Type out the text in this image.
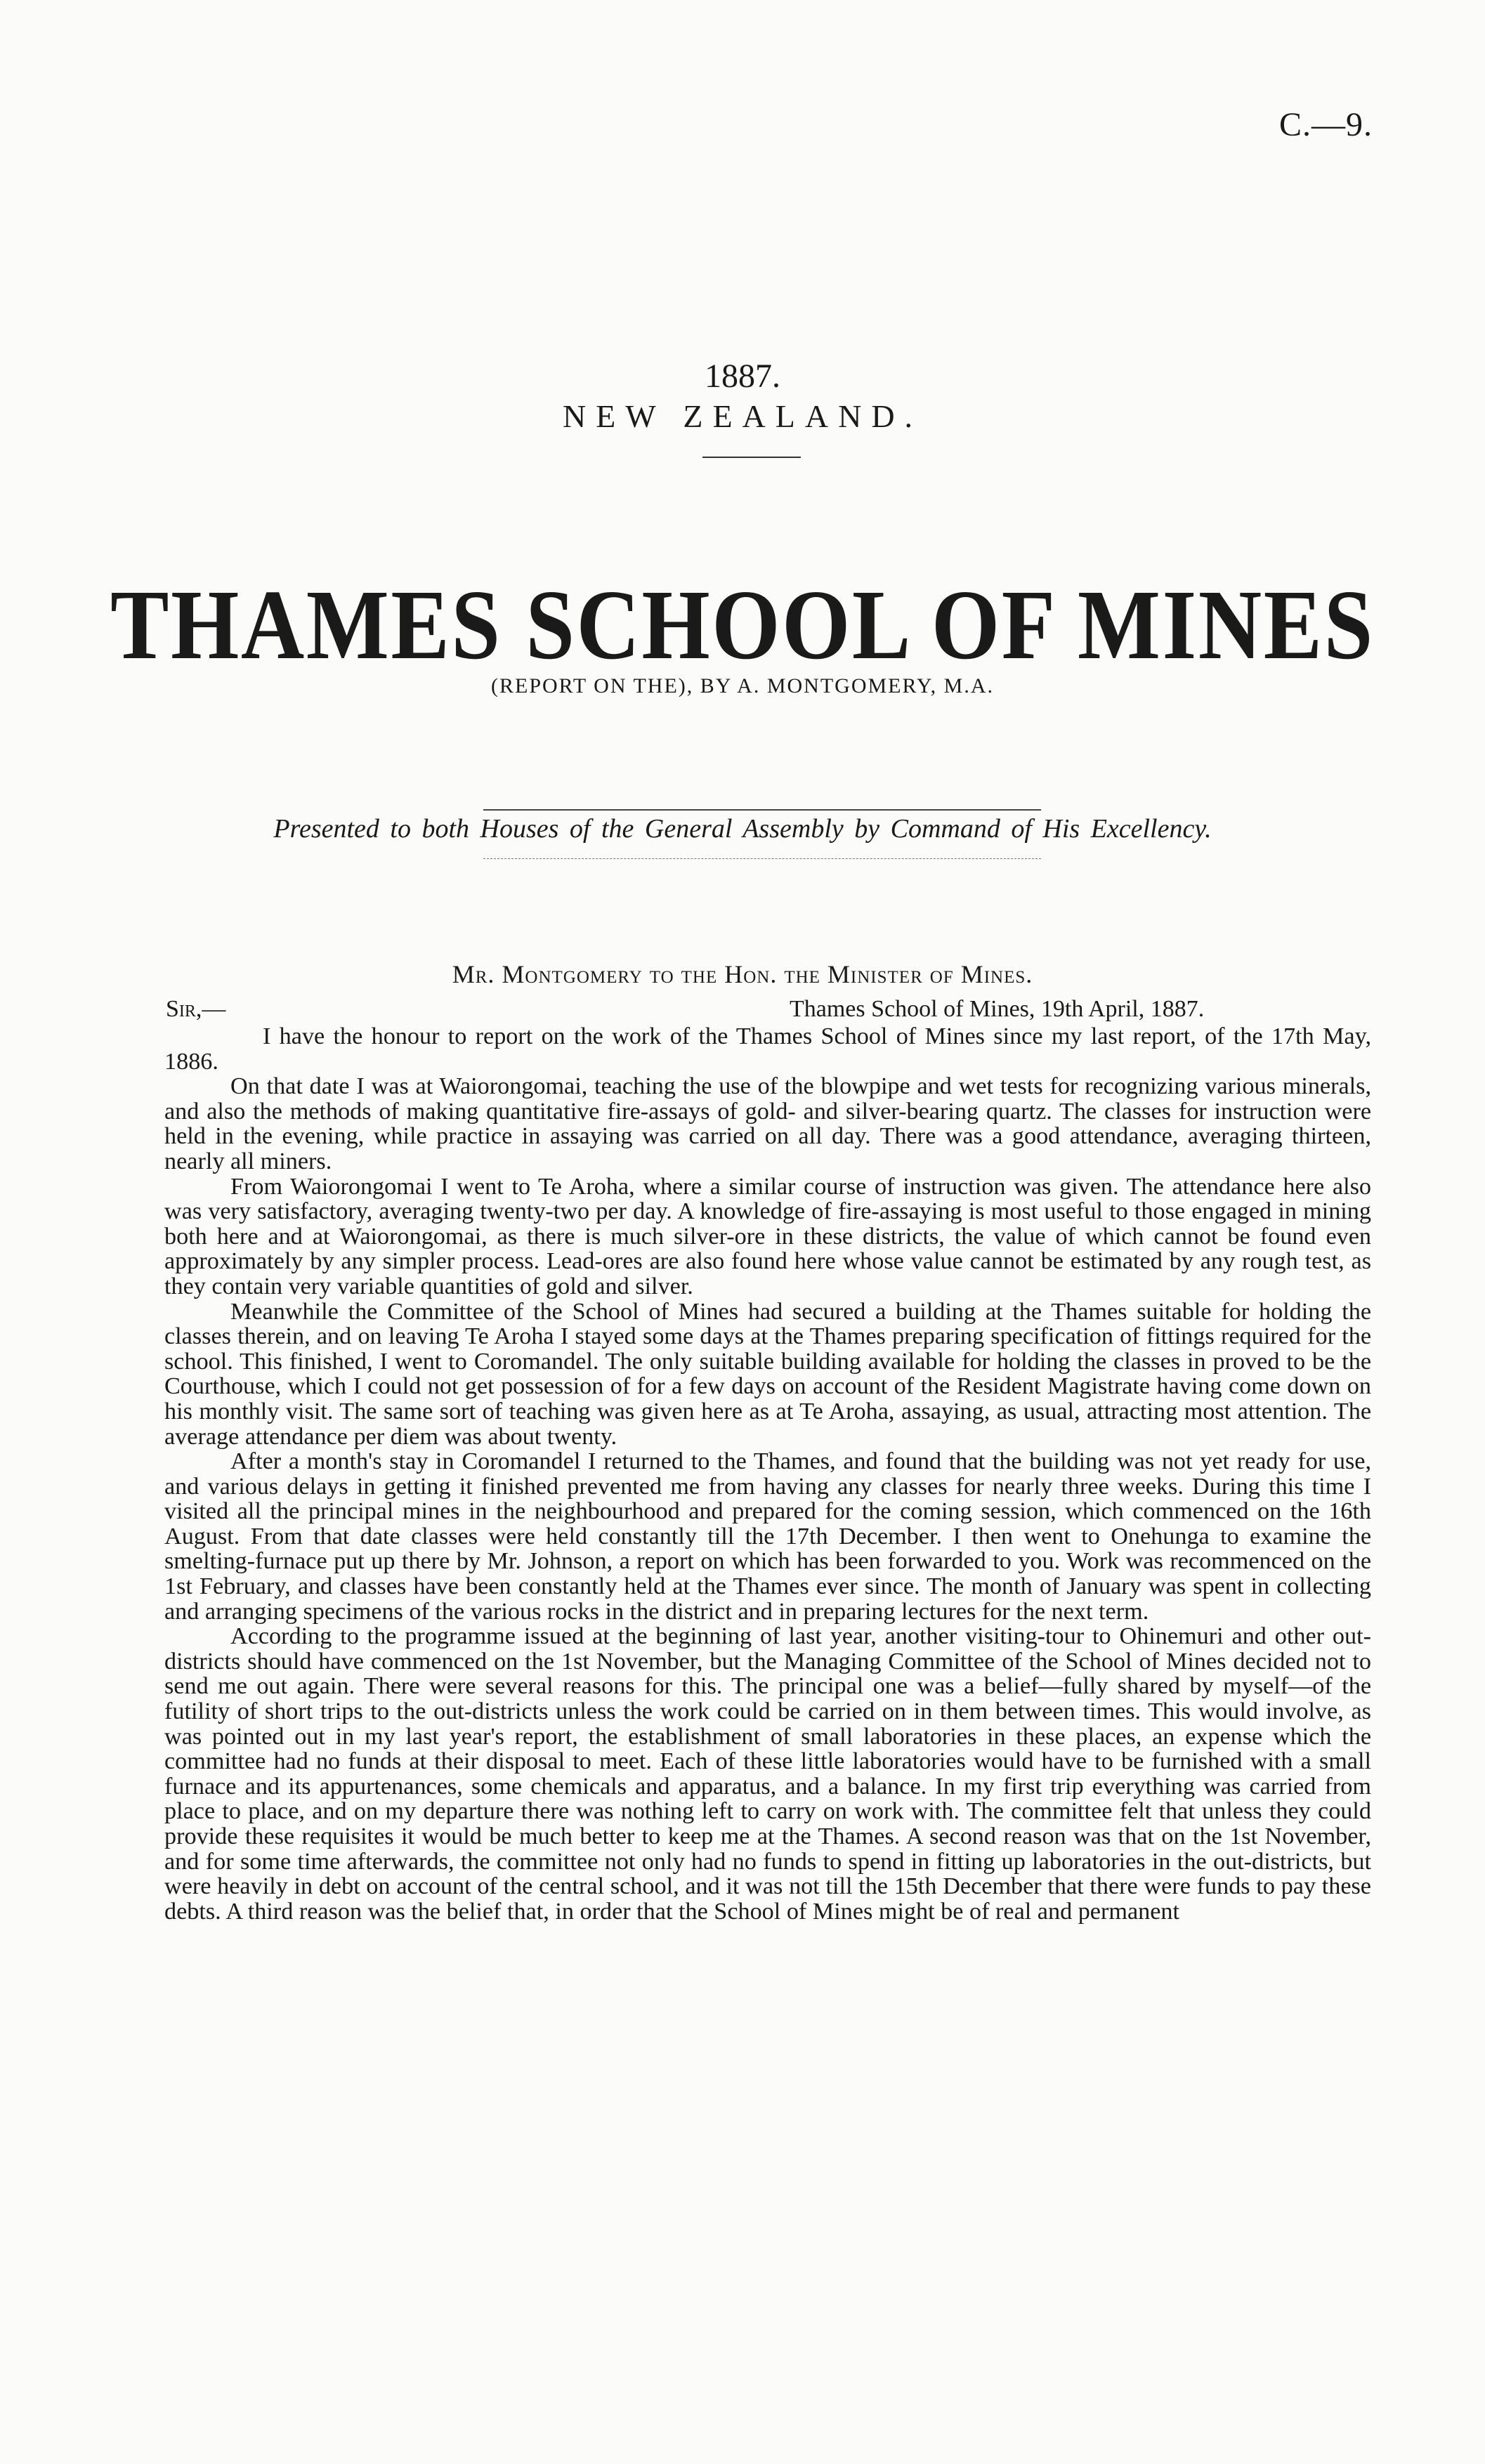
C.—9.
1887.
NEW ZEALAND.
THAMES SCHOOL OF MINES
(REPORT ON THE), BY A. MONTGOMERY, M.A.
Presented to both Houses of the General Assembly by Command of His Excellency.
Mr. Montgomery to the Hon. the Minister of Mines.
Sir,—	Thames School of Mines, 19th April, 1887.

I have the honour to report on the work of the Thames School of Mines since my last report, of the 17th May, 1886.

On that date I was at Waiorongomai, teaching the use of the blowpipe and wet tests for recognizing various minerals, and also the methods of making quantitative fire-assays of gold- and silver-bearing quartz. The classes for instruction were held in the evening, while practice in assaying was carried on all day. There was a good attendance, averaging thirteen, nearly all miners.

From Waiorongomai I went to Te Aroha, where a similar course of instruction was given. The attendance here also was very satisfactory, averaging twenty-two per day. A knowledge of fire-assaying is most useful to those engaged in mining both here and at Waiorongomai, as there is much silver-ore in these districts, the value of which cannot be found even approximately by any simpler process. Lead-ores are also found here whose value cannot be estimated by any rough test, as they contain very variable quantities of gold and silver.

Meanwhile the Committee of the School of Mines had secured a building at the Thames suitable for holding the classes therein, and on leaving Te Aroha I stayed some days at the Thames preparing specification of fittings required for the school. This finished, I went to Coromandel. The only suitable building available for holding the classes in proved to be the Courthouse, which I could not get possession of for a few days on account of the Resident Magistrate having come down on his monthly visit. The same sort of teaching was given here as at Te Aroha, assaying, as usual, attracting most attention. The average attendance per diem was about twenty.

After a month's stay in Coromandel I returned to the Thames, and found that the building was not yet ready for use, and various delays in getting it finished prevented me from having any classes for nearly three weeks. During this time I visited all the principal mines in the neighbourhood and prepared for the coming session, which commenced on the 16th August. From that date classes were held constantly till the 17th December. I then went to Onehunga to examine the smelting-furnace put up there by Mr. Johnson, a report on which has been forwarded to you. Work was recommenced on the 1st February, and classes have been constantly held at the Thames ever since. The month of January was spent in collecting and arranging specimens of the various rocks in the district and in preparing lectures for the next term.

According to the programme issued at the beginning of last year, another visiting-tour to Ohinemuri and other out-districts should have commenced on the 1st November, but the Managing Committee of the School of Mines decided not to send me out again. There were several reasons for this. The principal one was a belief—fully shared by myself—of the futility of short trips to the out-districts unless the work could be carried on in them between times. This would involve, as was pointed out in my last year's report, the establishment of small laboratories in these places, an expense which the committee had no funds at their disposal to meet. Each of these little laboratories would have to be furnished with a small furnace and its appurtenances, some chemicals and apparatus, and a balance. In my first trip everything was carried from place to place, and on my departure there was nothing left to carry on work with. The committee felt that unless they could provide these requisites it would be much better to keep me at the Thames. A second reason was that on the 1st November, and for some time afterwards, the committee not only had no funds to spend in fitting up laboratories in the out-districts, but were heavily in debt on account of the central school, and it was not till the 15th December that there were funds to pay these debts. A third reason was the belief that, in order that the School of Mines might be of real and permanent
